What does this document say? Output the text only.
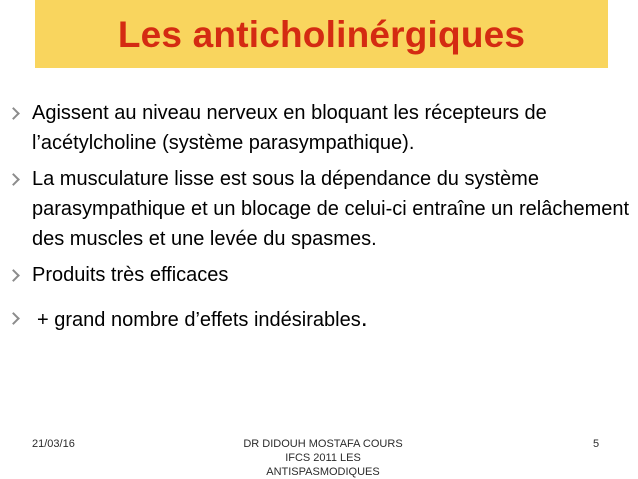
Les anticholinérgiques
Agissent au niveau nerveux en bloquant les récepteurs de l’acétylcholine (système parasympathique).
La musculature lisse est sous la dépendance du système parasympathique et un blocage de celui-ci entraîne un relâchement des muscles et une levée du spasmes.
Produits très efficaces
+ grand nombre d’effets indésirables.
21/03/16	DR DIDOUH MOSTAFA COURS
IFCS 2011 LES
ANTISPASMODIQUES
5
